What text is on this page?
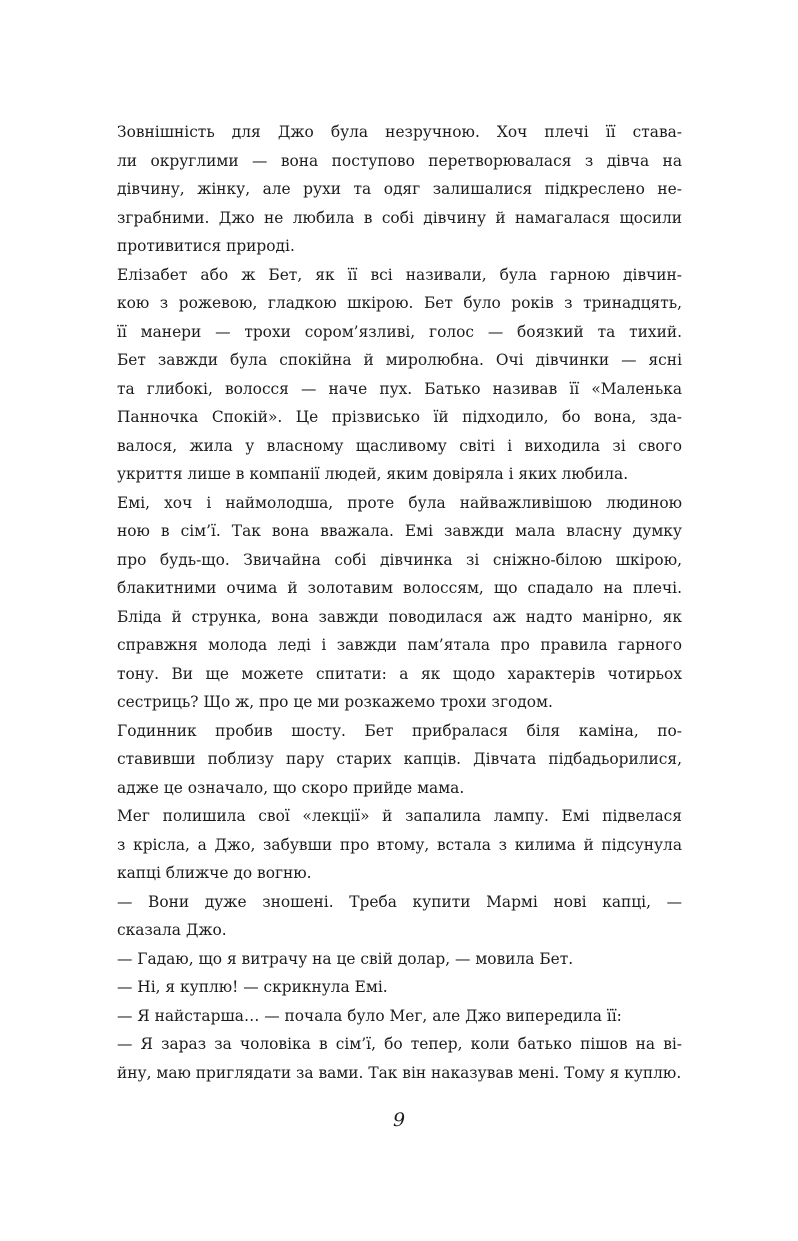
Зовнішність для Джо була незручною. Хоч плечі її става-
ли округлими — вона поступово перетворювалася з дівча на
дівчину, жінку, але рухи та одяг залишалися підкреслено не-
зграбними. Джо не любила в собі дівчину й намагалася щосили
противитися природі.

Елізабет або ж Бет, як її всі називали, була гарною дівчин-
кою з рожевою, гладкою шкірою. Бет було років з тринадцять,
її манери — трохи сором’язливі, голос — боязкий та тихий.
Бет завжди була спокійна й миролюбна. Очі дівчинки — ясні
та глибокі, волосся — наче пух. Батько називав її «Маленька
Панночка Спокій». Це прізвисько їй підходило, бо вона, зда-
валося, жила у власному щасливому світі і виходила зі свого
укриття лише в компанії людей, яким довіряла і яких любила.

Емі, хоч і наймолодша, проте була найважливішою людиною
ною в сім’ї. Так вона вважала. Емі завжди мала власну думку
про будь-що. Звичайна собі дівчинка зі сніжно-білою шкірою,
блакитними очима й золотавим волоссям, що спадало на плечі.
Бліда й струнка, вона завжди поводилася аж надто манірно, як
справжня молода леді і завжди пам’ятала про правила гарного
тону. Ви ще можете спитати: а як щодо характерів чотирьох
сестриць? Що ж, про це ми розкажемо трохи згодом.

Годинник пробив шосту. Бет прибралася біля каміна, по-
ставивши поблизу пару старих капців. Дівчата підбадьорилися,
адже це означало, що скоро прийде мама.

Мег полишила свої «лекції» й запалила лампу. Емі підвелася
з крісла, а Джо, забувши про втому, встала з килима й підсунула
капці ближче до вогню.

— Вони дуже зношені. Треба купити Мармі нові капці, —
сказала Джо.

— Гадаю, що я витрачу на це свій долар, — мовила Бет.

— Ні, я куплю! — скрикнула Емі.

— Я найстарша… — почала було Мег, але Джо випередила її:

— Я зараз за чоловіка в сім’ї, бо тепер, коли батько пішов на ві-
йну, маю приглядати за вами. Так він наказував мені. Тому я куплю.

9
